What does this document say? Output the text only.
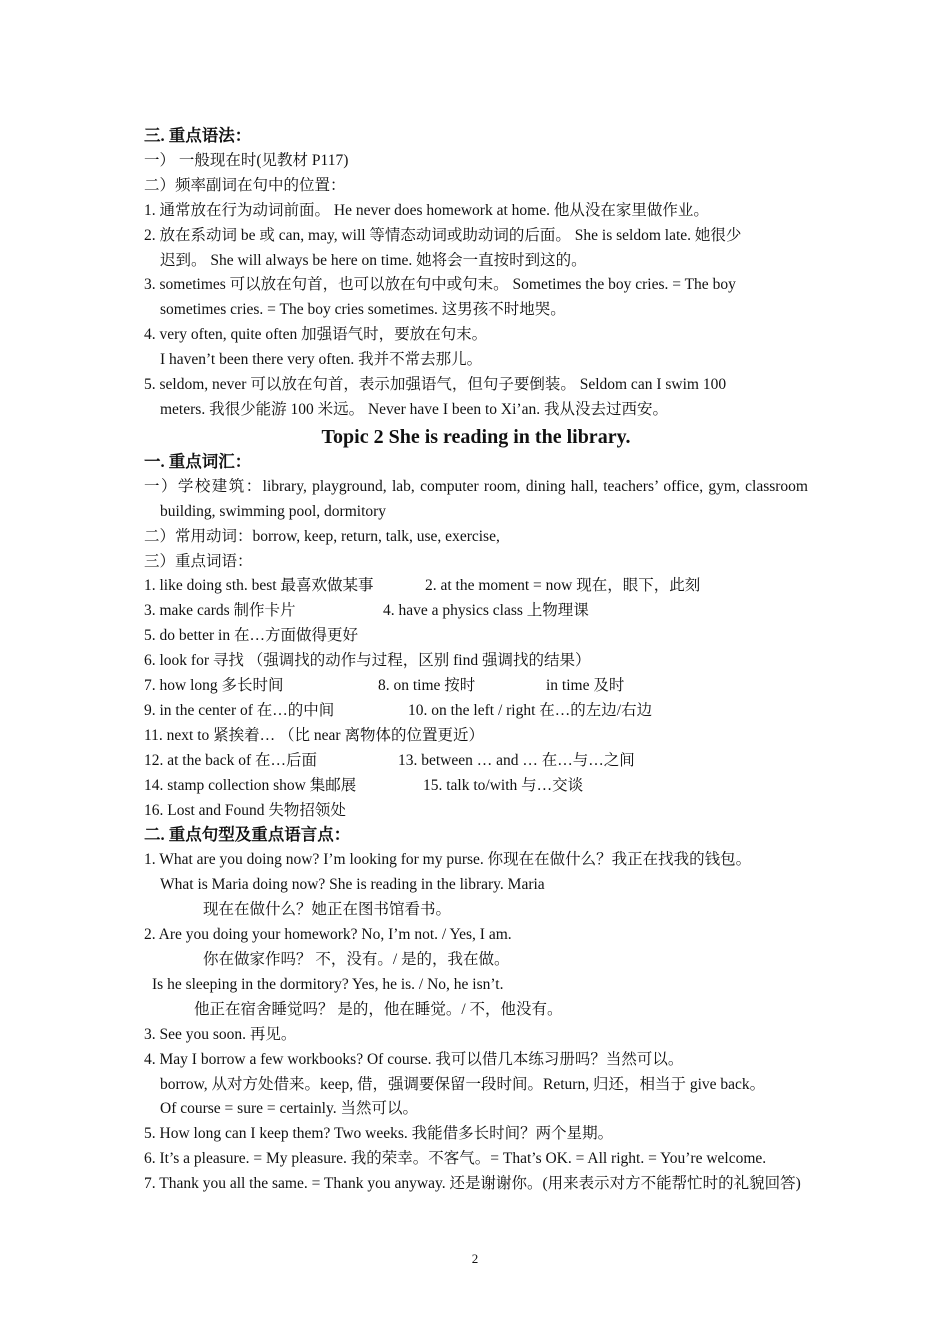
三. 重点语法：
一） 一般现在时(见教材 P117)
二）频率副词在句中的位置：
1. 通常放在行为动词前面。 He never does homework at home. 他从没在家里做作业。
2. 放在系动词 be 或 can, may, will 等情态动词或助动词的后面。 She is seldom late. 她很少
迟到。 She will always be here on time. 她将会一直按时到这的。
3. sometimes 可以放在句首，也可以放在句中或句末。 Sometimes the boy cries. = The boy
sometimes cries. = The boy cries sometimes. 这男孩不时地哭。
4. very often, quite often 加强语气时，要放在句末。
I haven’t been there very often. 我并不常去那儿。
5. seldom, never 可以放在句首，表示加强语气，但句子要倒装。 Seldom can I swim 100
meters. 我很少能游 100 米远。 Never have I been to Xi’an. 我从没去过西安。
Topic 2 She is reading in the library.
一. 重点词汇：
一）学校建筑：library, playground, lab, computer room, dining hall, teachers’ office, gym, classroom building, swimming pool, dormitory
二）常用动词：borrow, keep, return, talk, use, exercise,
三）重点词语：
1. like doing sth. best 最喜欢做某事	2. at the moment = now 现在，眼下，此刻
3. make cards 制作卡片	4. have a physics class 上物理课
5. do better in 在…方面做得更好
6. look for 寻找 （强调找的动作与过程，区别 find 强调找的结果）
7. how long 多长时间	8. on time 按时	in time 及时
9. in the center of 在…的中间	10. on the left / right 在…的左边/右边
11. next to 紧挨着… （比 near 离物体的位置更近）
12. at the back of 在…后面	13. between … and … 在…与…之间
14. stamp collection show 集邮展	15. talk to/with 与…交谈
16. Lost and Found 失物招领处
二. 重点句型及重点语言点：
1. What are you doing now? I’m looking for my purse. 你现在在做什么？我正在找我的钱包。
What is Maria doing now? She is reading in the library. Maria
现在在做什么？她正在图书馆看书。
2. Are you doing your homework? No, I’m not. / Yes, I am.
你在做家作吗？ 不，没有。/ 是的，我在做。
Is he sleeping in the dormitory? Yes, he is. / No, he isn’t.
他正在宿舍睡觉吗？ 是的，他在睡觉。/ 不，他没有。
3. See you soon. 再见。
4. May I borrow a few workbooks? Of course. 我可以借几本练习册吗？当然可以。
borrow, 从对方处借来。keep, 借，强调要保留一段时间。Return, 归还，相当于 give back。
Of course = sure = certainly. 当然可以。
5. How long can I keep them? Two weeks. 我能借多长时间？两个星期。
6. It’s a pleasure. = My pleasure. 我的荣幸。不客气。= That’s OK. = All right. = You’re welcome.
7. Thank you all the same. = Thank you anyway. 还是谢谢你。(用来表示对方不能帮忙时的礼貌回答)
2
